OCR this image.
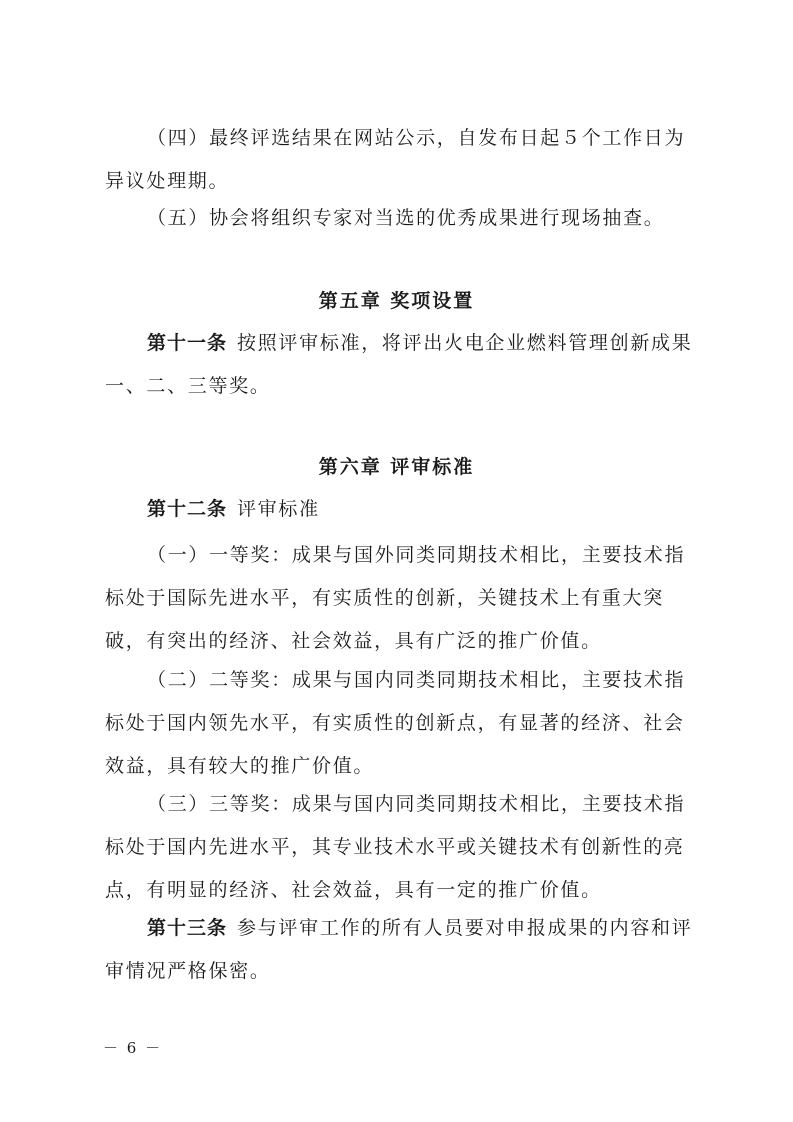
（四）最终评选结果在网站公示，自发布日起５个工作日为异议处理期。
（五）协会将组织专家对当选的优秀成果进行现场抽查。
第五章 奖项设置
第十一条 按照评审标准，将评出火电企业燃料管理创新成果一、二、三等奖。
第六章 评审标准
第十二条 评审标准
（一）一等奖：成果与国外同类同期技术相比，主要技术指标处于国际先进水平，有实质性的创新，关键技术上有重大突破，有突出的经济、社会效益，具有广泛的推广价值。
（二）二等奖：成果与国内同类同期技术相比，主要技术指标处于国内领先水平，有实质性的创新点，有显著的经济、社会效益，具有较大的推广价值。
（三）三等奖：成果与国内同类同期技术相比，主要技术指标处于国内先进水平，其专业技术水平或关键技术有创新性的亮点，有明显的经济、社会效益，具有一定的推广价值。
第十三条 参与评审工作的所有人员要对申报成果的内容和评审情况严格保密。
－ 6 －
